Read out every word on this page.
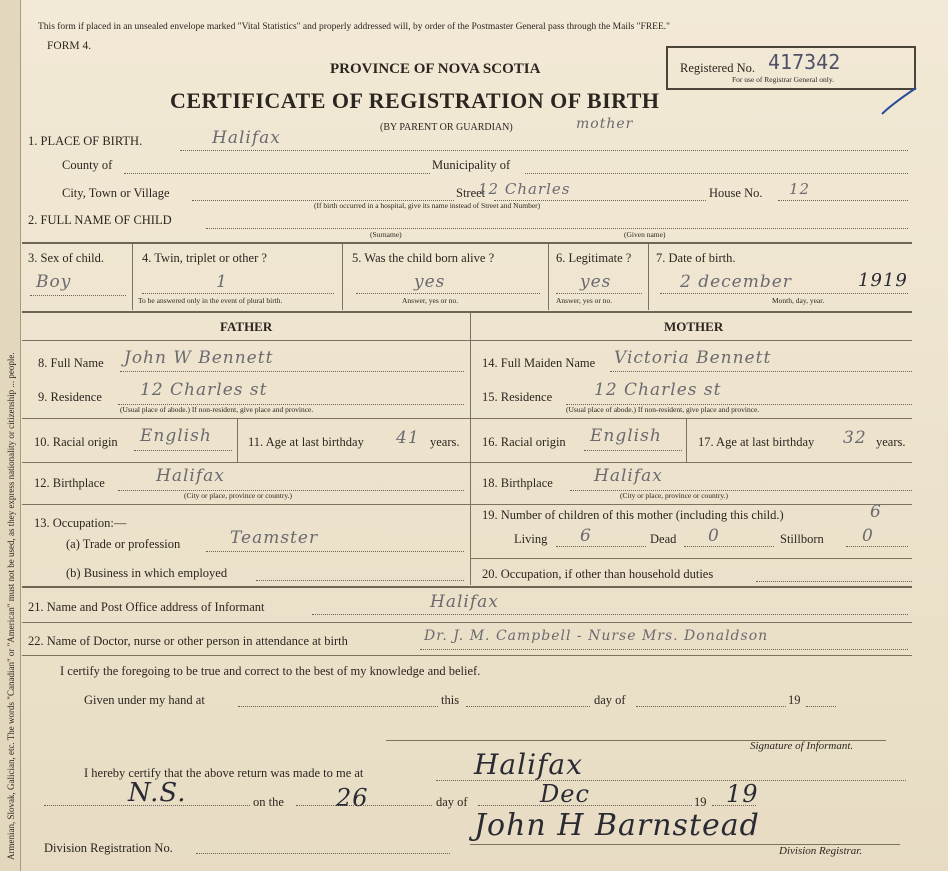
Armenian, Slovak, Galician, etc. The words "Canadian" or "American" must not be used, as they express nationality or citizenship ... people.
This form if placed in an unsealed envelope marked "Vital Statistics" and properly addressed will, by order of the Postmaster General pass through the Mails "FREE."
FORM 4.
Registered No. 417342
For use of Registrar General only.
PROVINCE OF NOVA SCOTIA
CERTIFICATE OF REGISTRATION OF BIRTH
(BY PARENT OR GUARDIAN)	mother
1. PLACE OF BIRTH.	Halifax
County of	Municipality of
City, Town or Village	Street
12 Charles	House No. 12
(If birth occurred in a hospital, give its name instead of Street and Number)
2. FULL NAME OF CHILD
(Surname)	(Given name)
3. Sex of child.
Boy
4. Twin, triplet or other ?
1
To be answered only in the event of plural birth.
5. Was the child born alive ?
yes
Answer, yes or no.
6. Legitimate ?
yes
Answer, yes or no.
7. Date of birth.
2 december	1919
Month, day, year.
FATHER	MOTHER
8. Full Name John W Bennett
9. Residence 12 Charles st
(Usual place of abode.) If non-resident, give place and province.
10. Racial origin English	11. Age at last birthday 41 years.
12. Birthplace	Halifax
(City or place, province or country.)
13. Occupation:—
(a) Trade or profession	Teamster
(b) Business in which employed
14. Full Maiden Name Victoria Bennett
15. Residence 12 Charles st
(Usual place of abode.) If non-resident, give place and province.
16. Racial origin English	17. Age at last birthday 32 years.
18. Birthplace Halifax
(City or place, province or country.)
19. Number of children of this mother (including this child.)	6
Living 6	Dead 0	Stillborn 0
20. Occupation, if other than household duties
21. Name and Post Office address of Informant	Halifax
22. Name of Doctor, nurse or other person in attendance at birth	Dr. J. M. Campbell - Nurse Mrs. Donaldson
I certify the foregoing to be true and correct to the best of my knowledge and belief.
Given under my hand at	this	day of	19
Signature of Informant.
I hereby certify that the above return was made to me at	Halifax
N.S.	on the 26	day of	Dec	19 19
Division Registration No.
John H Barnstead
Division Registrar.
